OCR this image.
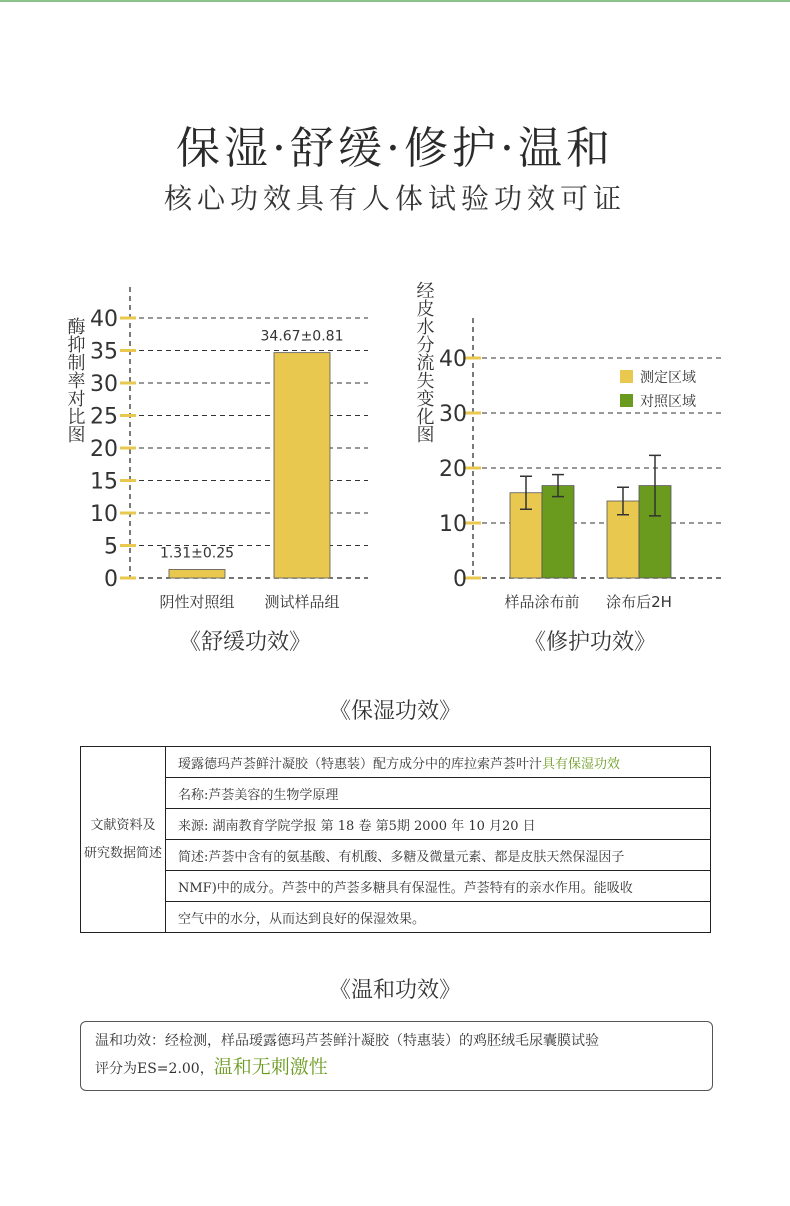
保湿·舒缓·修护·温和
核心功效具有人体试验功效可证
0
5
10
15
20
25
30
35
40
1.31±0.25
阴性对照组
34.67±0.81
测试样品组
酶抑制率对比图
0
10
20
30
40
样品涂布前 涂布后2H
经皮水分流失变化图	测定区域
对照区域
《舒缓功效》	《修护功效》
《保湿功效》
文献资料及
研究数据简述
	瑷露德玛芦荟鲜汁凝胶（特惠装）配方成分中的库拉索芦荟叶汁具有保湿功效
名称:芦荟美容的生物学原理
来源: 湖南教育学院学报 第 18 卷 第5期 2000 年 10 月20 日
简述:芦荟中含有的氨基酸、有机酸、多糖及微量元素、都是皮肤天然保湿因子
NMF)中的成分。芦荟中的芦荟多糖具有保湿性。芦荟特有的亲水作用。能吸收
空气中的水分，从而达到良好的保湿效果。
《温和功效》
温和功效：经检测，样品瑷露德玛芦荟鲜汁凝胶（特惠装）的鸡胚绒毛尿囊膜试验
评分为ES=2.00，温和无刺激性
